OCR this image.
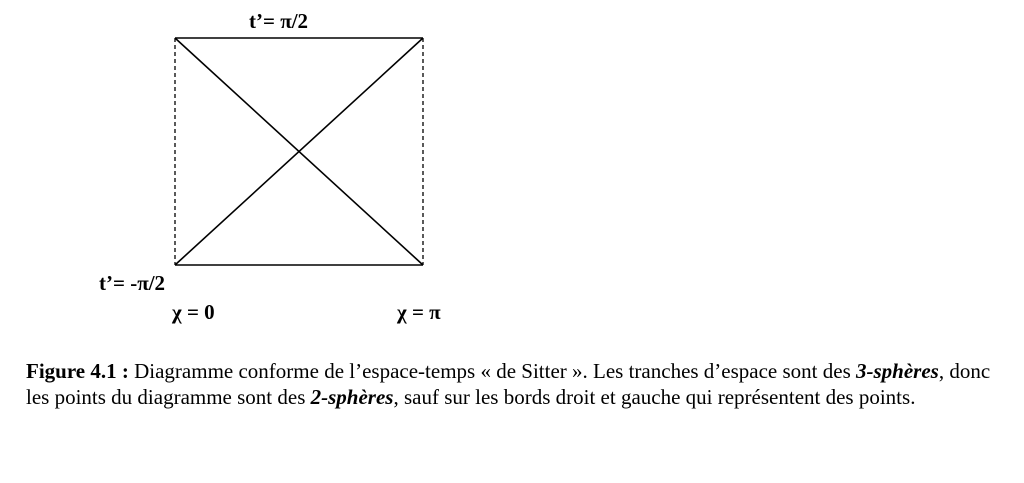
t’= π/2
t’= -π/2
χ = 0	χ = π
Figure 4.1 : Diagramme conforme de l’espace-temps « de Sitter ». Les tranches d’espace sont des 3-sphères, donc les points du diagramme sont des 2-sphères, sauf sur les bords droit et gauche qui représentent des points.
